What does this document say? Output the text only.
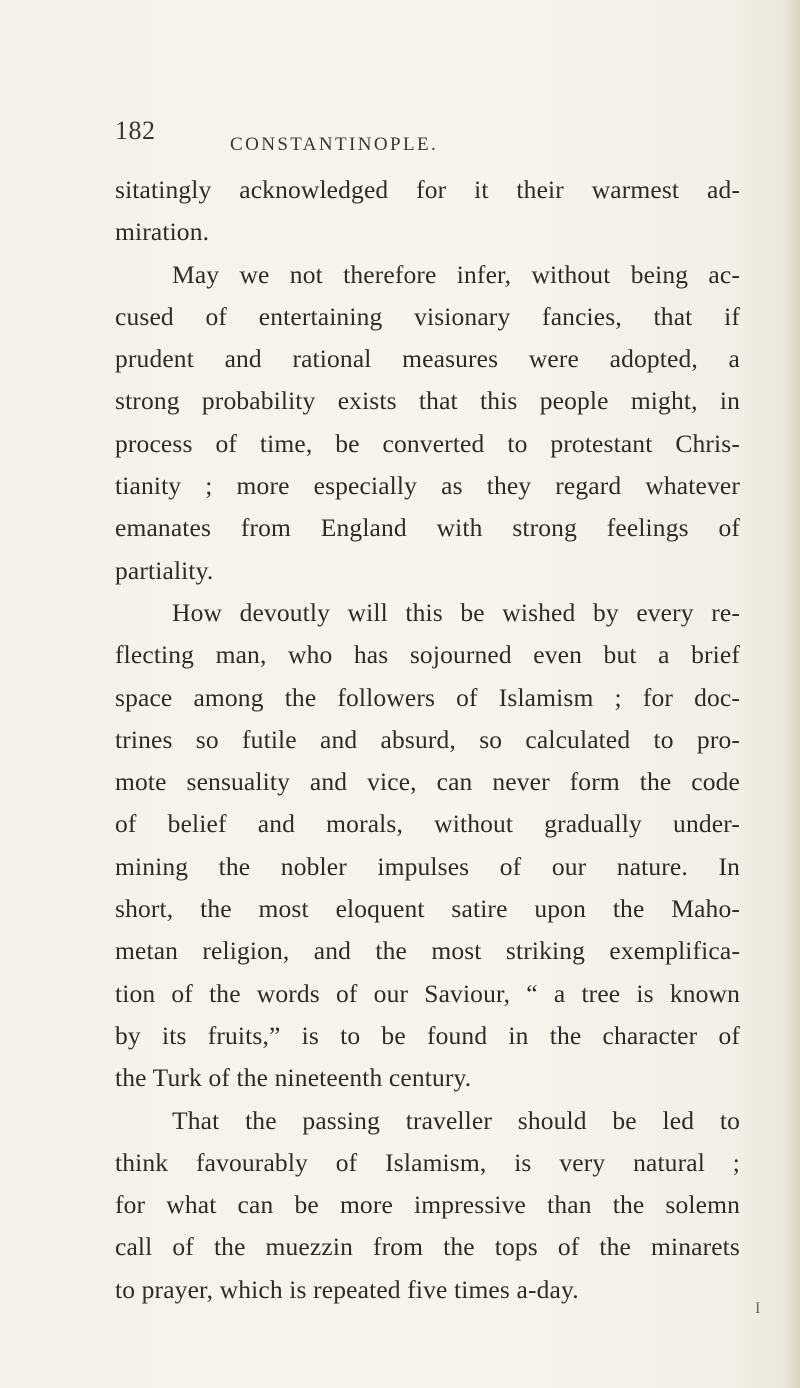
182	CONSTANTINOPLE.
sitatingly acknowledged for it their warmest ad-
miration.
May we not therefore infer, without being ac-
cused of entertaining visionary fancies, that if
prudent and rational measures were adopted, a
strong probability exists that this people might, in
process of time, be converted to protestant Chris-
tianity ; more especially as they regard whatever
emanates from England with strong feelings of
partiality.
How devoutly will this be wished by every re-
flecting man, who has sojourned even but a brief
space among the followers of Islamism ; for doc-
trines so futile and absurd, so calculated to pro-
mote sensuality and vice, can never form the code
of belief and morals, without gradually under-
mining the nobler impulses of our nature. In
short, the most eloquent satire upon the Maho-
metan religion, and the most striking exemplifica-
tion of the words of our Saviour, “ a tree is known
by its fruits,” is to be found in the character of
the Turk of the nineteenth century.
That the passing traveller should be led to
think favourably of Islamism, is very natural ;
for what can be more impressive than the solemn
call of the muezzin from the tops of the minarets
to prayer, which is repeated five times a-day.
I
